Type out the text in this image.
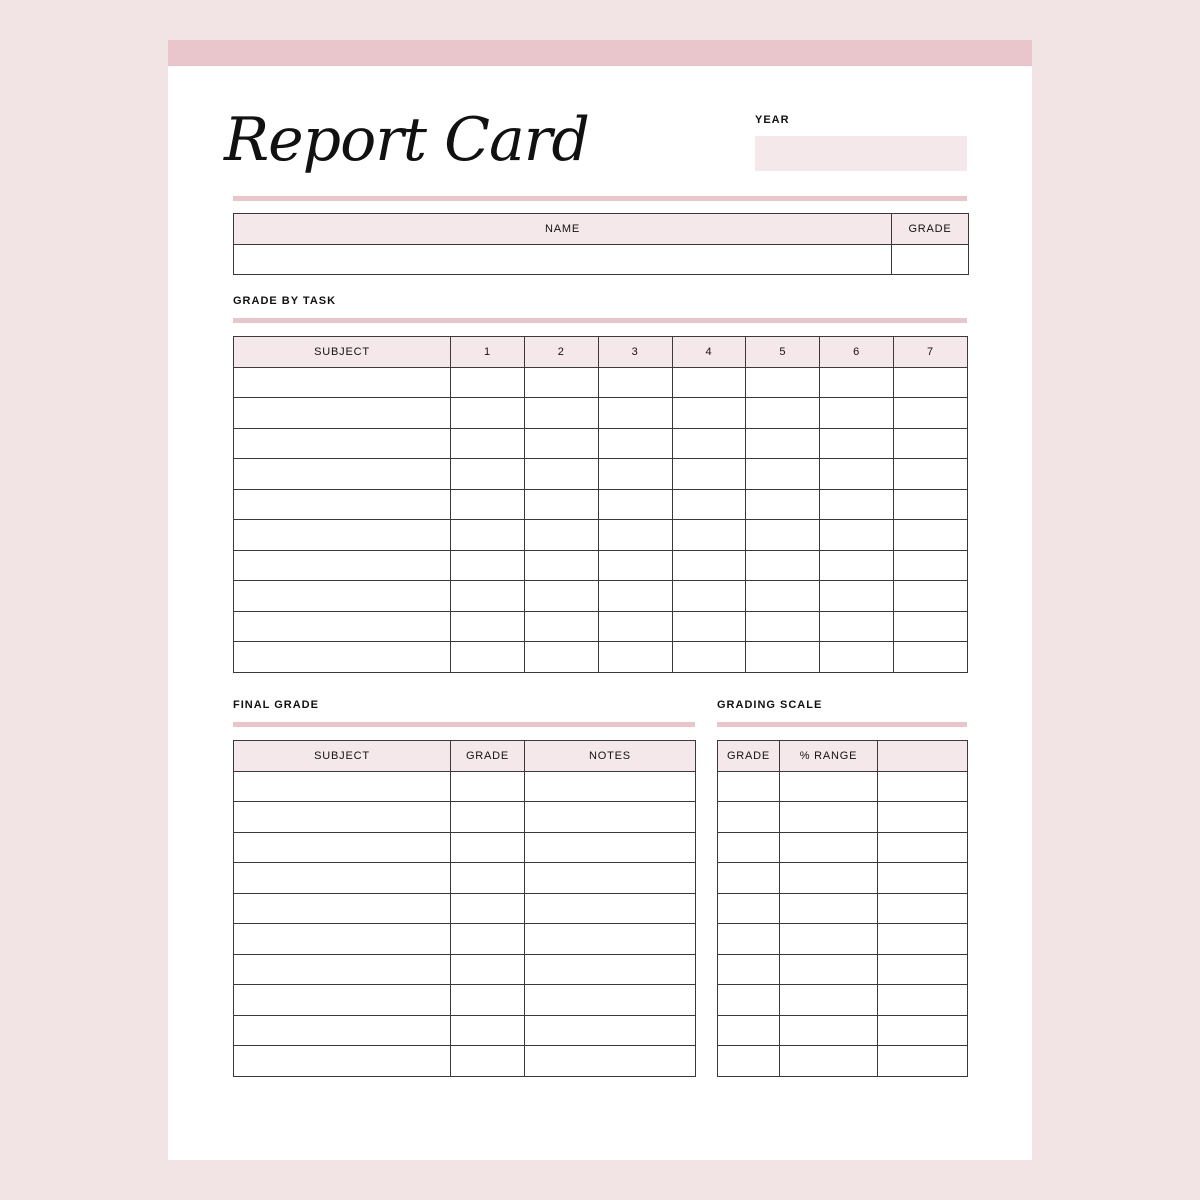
Report Card	YEAR
NAME	GRADE

GRADE BY TASK
SUBJECT	1	2	3	4	5	6	7

FINAL GRADE
SUBJECT	GRADE	NOTES

GRADING SCALE
GRADE	% RANGE	
